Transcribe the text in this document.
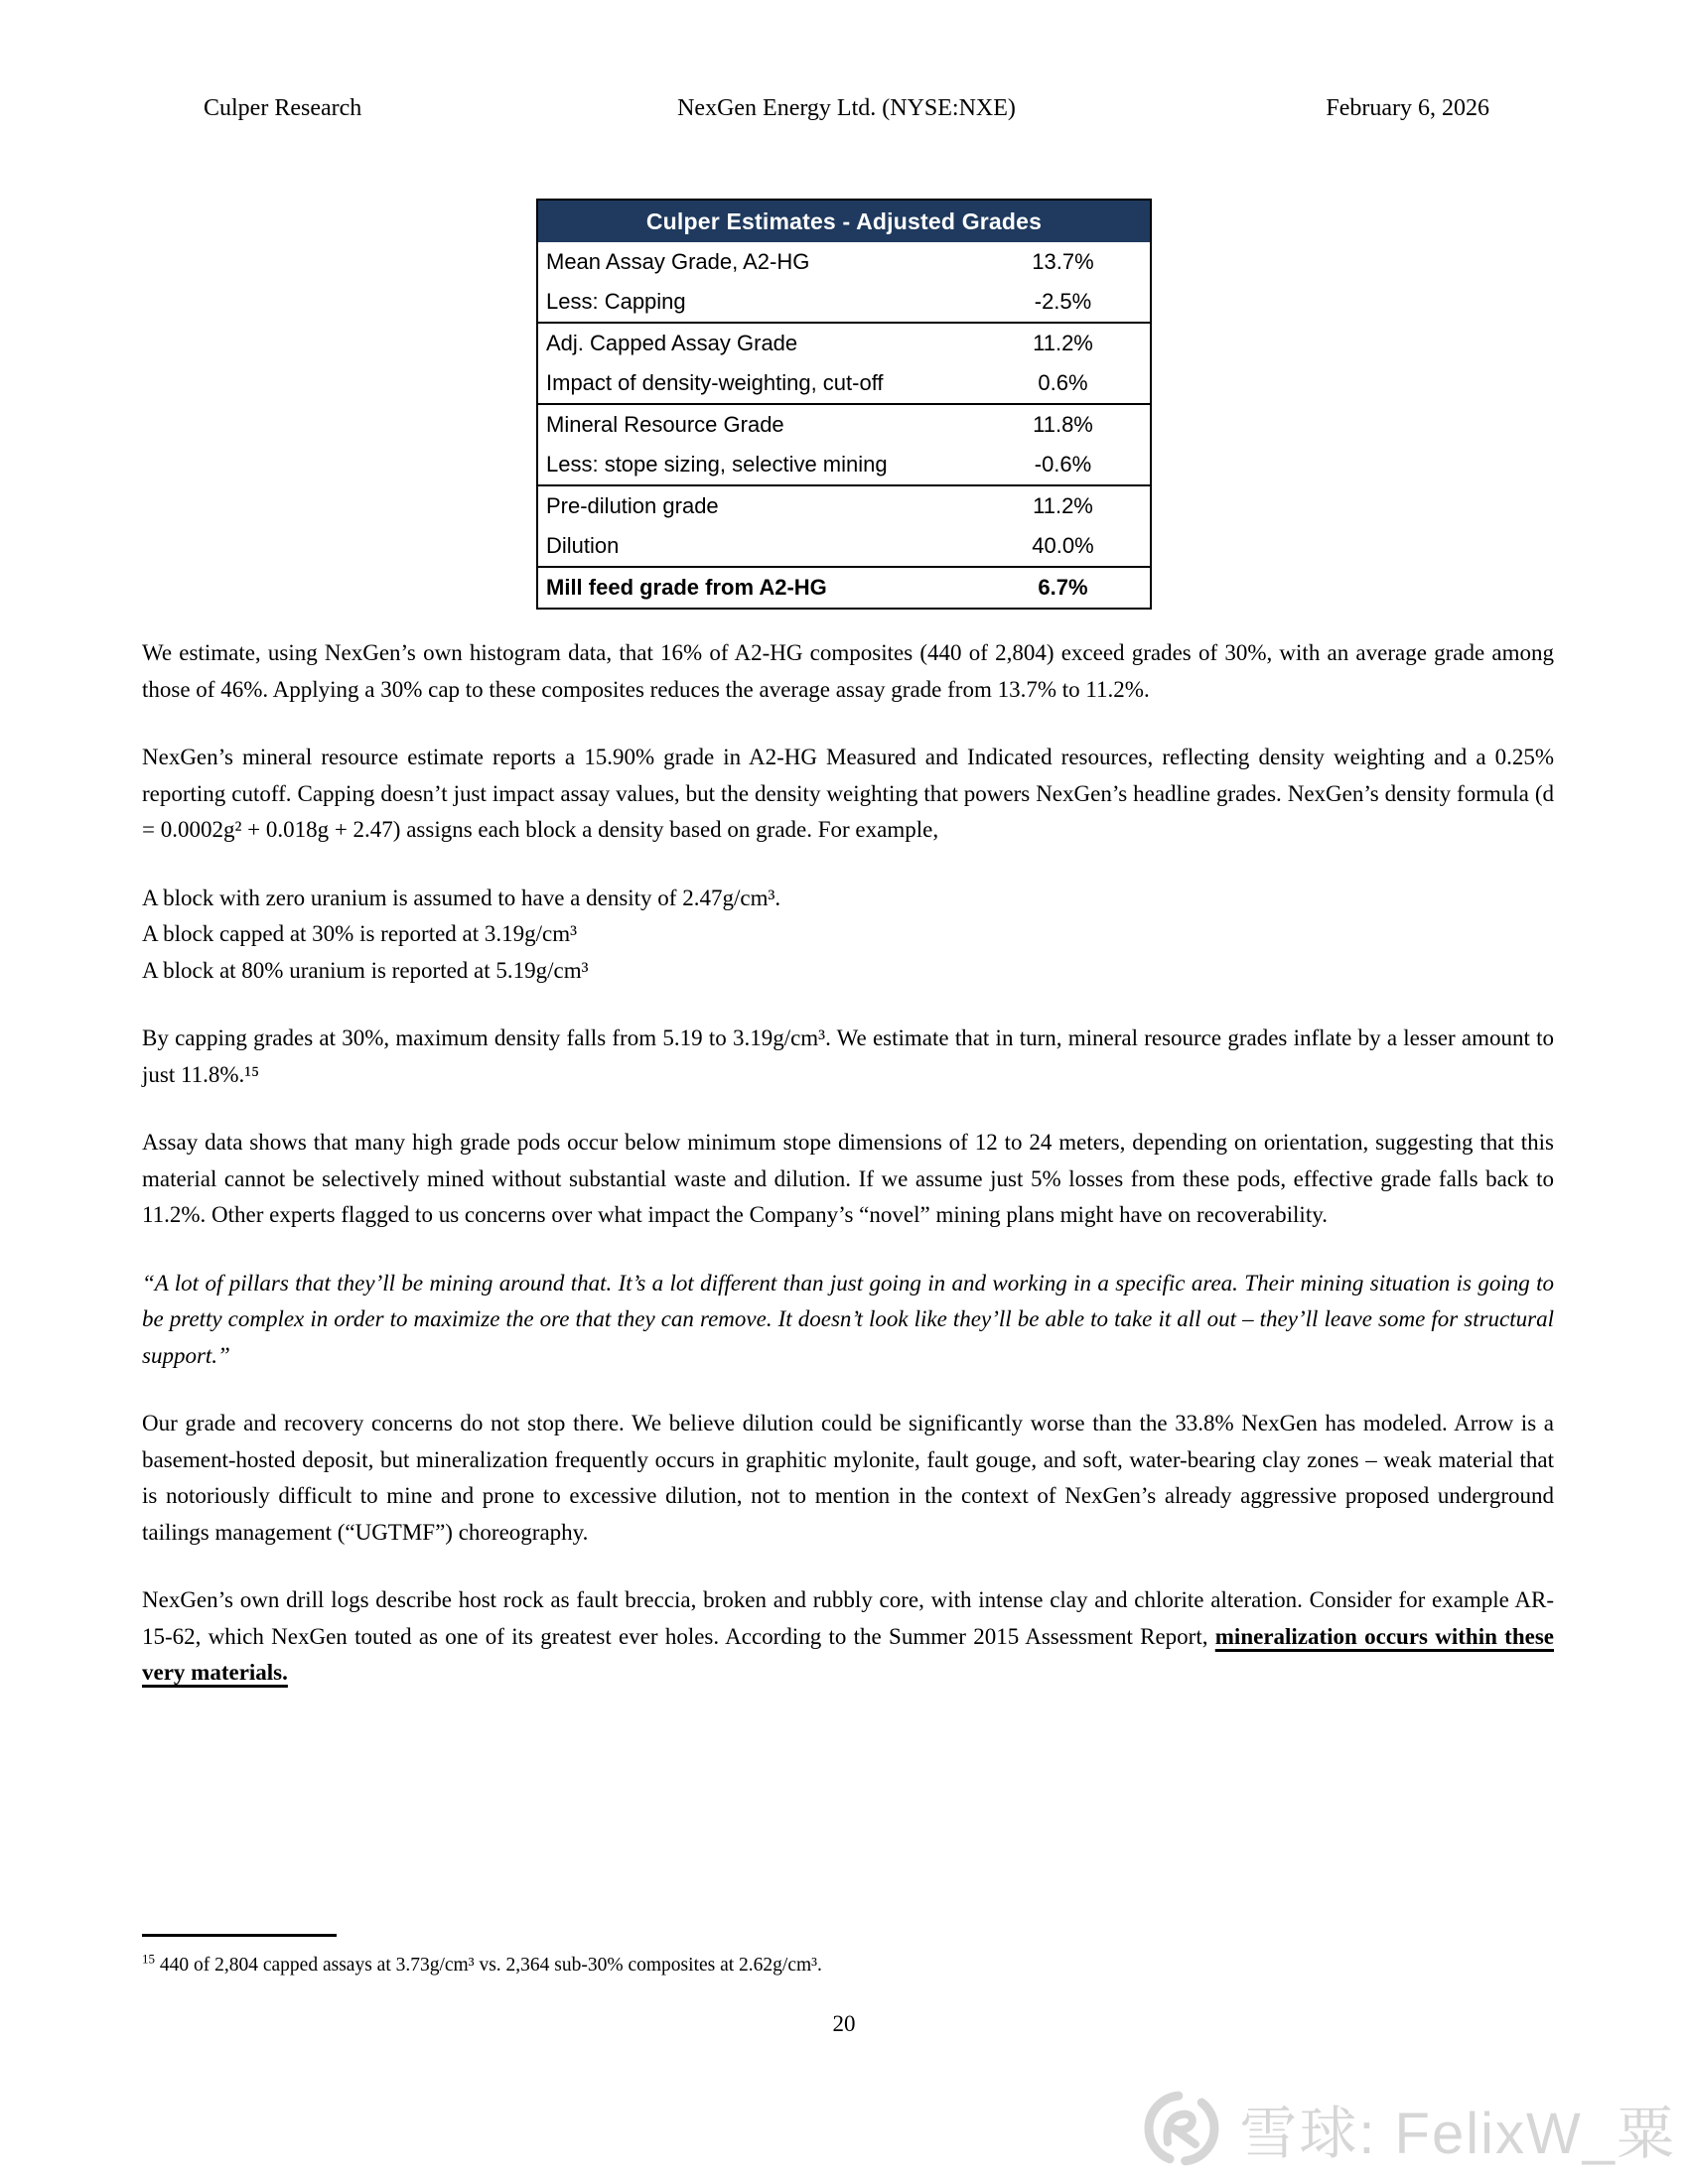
Culper Research	NexGen Energy Ltd. (NYSE:NXE)	February 6, 2026
Culper Estimates - Adjusted Grades
Mean Assay Grade, A2-HG	13.7%
Less: Capping	-2.5%
Adj. Capped Assay Grade	11.2%
Impact of density-weighting, cut-off	0.6%
Mineral Resource Grade	11.8%
Less: stope sizing, selective mining	-0.6%
Pre-dilution grade	11.2%
Dilution	40.0%
Mill feed grade from A2-HG	6.7%

We estimate, using NexGen’s own histogram data, that 16% of A2-HG composites (440 of 2,804) exceed grades of 30%, with an average grade among those of 46%. Applying a 30% cap to these composites reduces the average assay grade from 13.7% to 11.2%.

NexGen’s mineral resource estimate reports a 15.90% grade in A2-HG Measured and Indicated resources, reflecting density weighting and a 0.25% reporting cutoff. Capping doesn’t just impact assay values, but the density weighting that powers NexGen’s headline grades. NexGen’s density formula (d = 0.0002g² + 0.018g + 2.47) assigns each block a density based on grade. For example,

A block with zero uranium is assumed to have a density of 2.47g/cm³.
A block capped at 30% is reported at 3.19g/cm³
A block at 80% uranium is reported at 5.19g/cm³

By capping grades at 30%, maximum density falls from 5.19 to 3.19g/cm³. We estimate that in turn, mineral resource grades inflate by a lesser amount to just 11.8%.¹⁵

Assay data shows that many high grade pods occur below minimum stope dimensions of 12 to 24 meters, depending on orientation, suggesting that this material cannot be selectively mined without substantial waste and dilution. If we assume just 5% losses from these pods, effective grade falls back to 11.2%. Other experts flagged to us concerns over what impact the Company’s “novel” mining plans might have on recoverability.

“A lot of pillars that they’ll be mining around that. It’s a lot different than just going in and working in a specific area. Their mining situation is going to be pretty complex in order to maximize the ore that they can remove. It doesn’t look like they’ll be able to take it all out – they’ll leave some for structural support.”

Our grade and recovery concerns do not stop there. We believe dilution could be significantly worse than the 33.8% NexGen has modeled. Arrow is a basement-hosted deposit, but mineralization frequently occurs in graphitic mylonite, fault gouge, and soft, water-bearing clay zones – weak material that is notoriously difficult to mine and prone to excessive dilution, not to mention in the context of NexGen’s already aggressive proposed underground tailings management (“UGTMF”) choreography.

NexGen’s own drill logs describe host rock as fault breccia, broken and rubbly core, with intense clay and chlorite alteration. Consider for example AR-15-62, which NexGen touted as one of its greatest ever holes. According to the Summer 2015 Assessment Report, mineralization occurs within these very materials.

$^{15}$ 440 of 2,804 capped assays at 3.73g/cm³ vs. 2,364 sub-30% composites at 2.62g/cm³.
20
雪球: FelixW_粟
